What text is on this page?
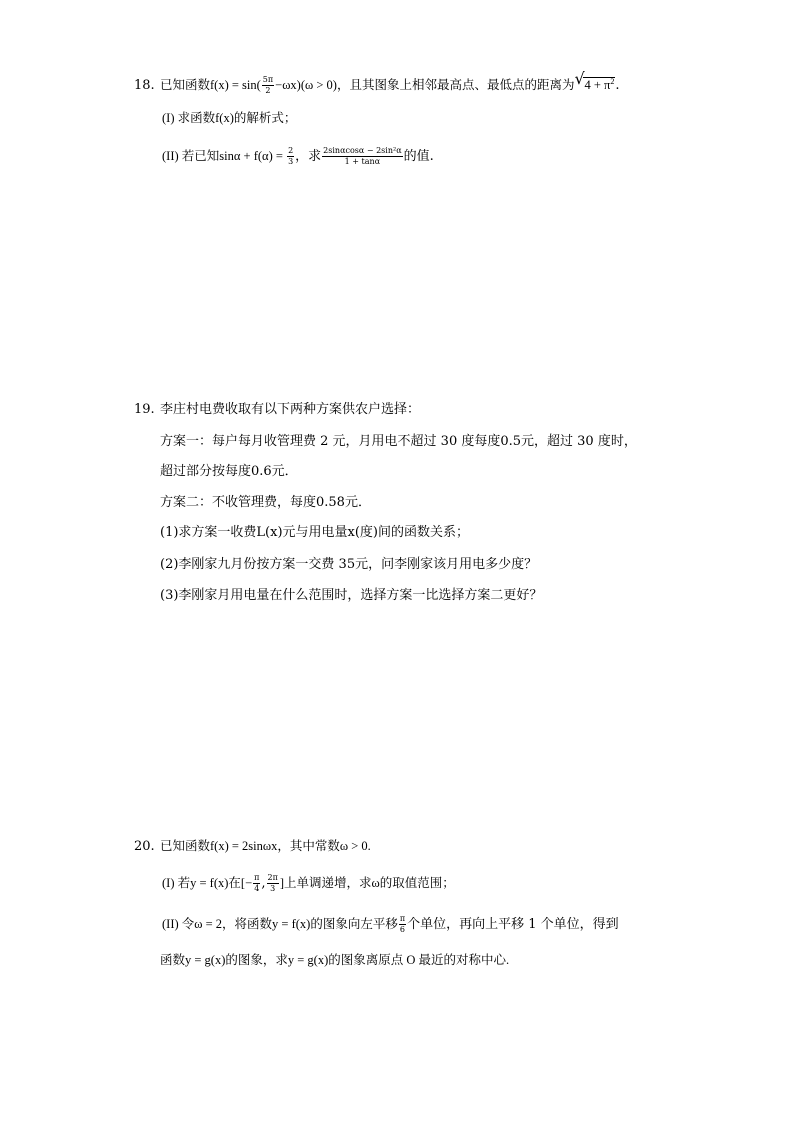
18. 已知函数$f(x) = \sin( \frac{5\pi}{2} -\omega x)(\omega > 0)$，且其图象上相邻最高点、最低点的距离为 √ $4 + \pi^2$.
(I) 求函数f(x)的解析式；
(II) 若已知$\sin\alpha + f(\alpha) = \frac{2}{3}$ ，求 $\frac{\text{2sinαcosα − 2sin²α}}{1 + \tan\alpha}$ 的值.
19. 李庄村电费收取有以下两种方案供农户选择：
方案一：每户每月收管理费 2 元，月用电不超过 30 度每度0.5元，超过 30 度时，
超过部分按每度0.6元．
方案二：不收管理费，每度0.58元．
(1)求方案一收费L(x)元与用电量x(度)间的函数关系；
(2)李刚家九月份按方案一交费 35元，问李刚家该月用电多少度？
(3)李刚家月用电量在什么范围时，选择方案一比选择方案二更好？
20. 已知函数f(x) = 2sinωx，其中常数ω > 0.
(I) 若y = f(x)在[− $\frac{\pi}{4}$ , $\frac{2\pi}{3}$ ]上单调递增，求ω的取值范围；
(II) 令ω = 2，将函数y = f(x)的图象向左平移 $\frac{\pi}{6}$ 个单位，再向上平移 1 个单位，得到
函数y = g(x)的图象，求y = g(x)的图象离原点 O 最近的对称中心.
